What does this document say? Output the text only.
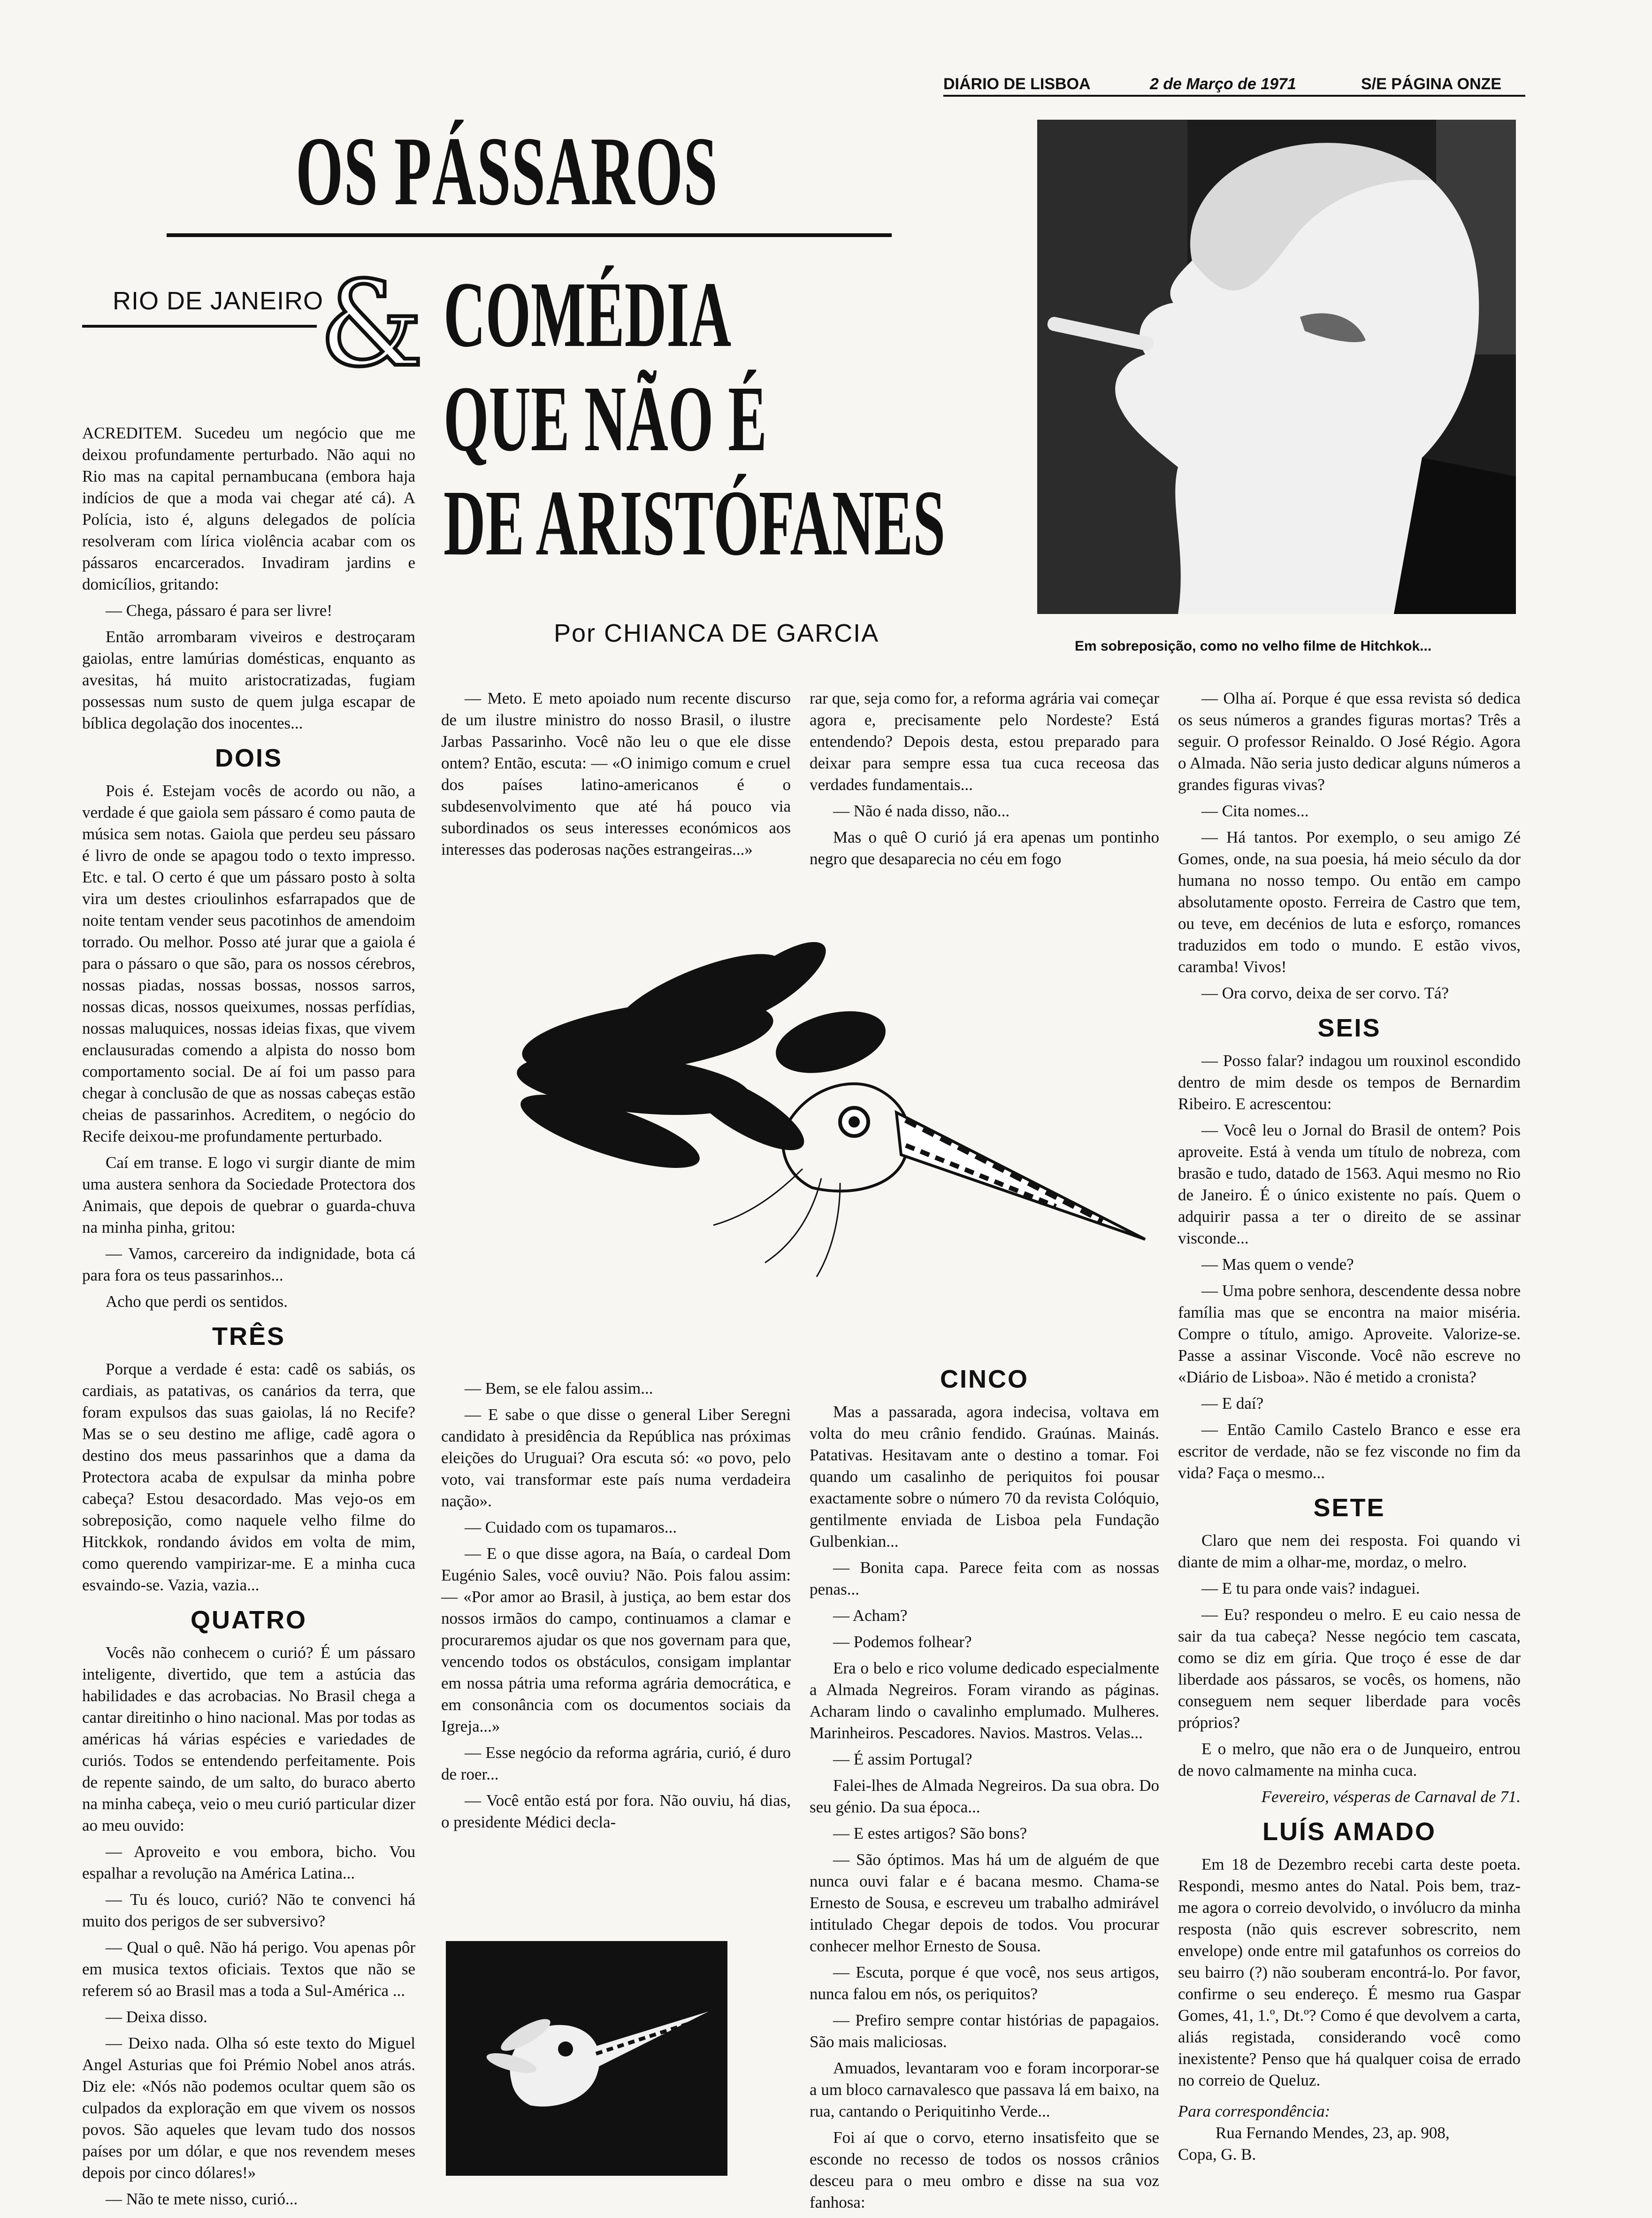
DIÁRIO DE LISBOA	2 de Março de 1971	S/E PÁGINA ONZE
OS PÁSSAROS
RIO DE JANEIRO
& COMÉDIA
QUE NÃO É
DE ARISTÓFANES
Por CHIANCA DE GARCIA	Em sobreposição, como no velho filme de Hitchkok...

ACREDITEM. Sucedeu um negócio que me deixou profundamente perturbado. Não aqui no Rio mas na capital pernambucana (embora haja indícios de que a moda vai chegar até cá). A Polícia, isto é, alguns delegados de polícia resolveram com lírica violência acabar com os pássaros encarcerados. Invadiram jardins e domicílios, gritando:

— Chega, pássaro é para ser livre!

Então arrombaram viveiros e destroçaram gaiolas, entre lamúrias domésticas, enquanto as avesitas, há muito aristocratizadas, fugiam possessas num susto de quem julga escapar de bíblica degolação dos inocentes...

DOIS

Pois é. Estejam vocês de acordo ou não, a verdade é que gaiola sem pássaro é como pauta de música sem notas. Gaiola que perdeu seu pássaro é livro de onde se apagou todo o texto impresso. Etc. e tal. O certo é que um pássaro posto à solta vira um destes crioulinhos esfarrapados que de noite tentam vender seus pacotinhos de amendoim torrado. Ou melhor. Posso até jurar que a gaiola é para o pássaro o que são, para os nossos cérebros, nossas piadas, nossas bossas, nossos sarros, nossas dicas, nossos queixumes, nossas perfídias, nossas maluquices, nossas ideias fixas, que vivem enclausuradas comendo a alpista do nosso bom comportamento social. De aí foi um passo para chegar à conclusão de que as nossas cabeças estão cheias de passarinhos. Acreditem, o negócio do Recife deixou-me profundamente perturbado.

Caí em transe. E logo vi surgir diante de mim uma austera senhora da Sociedade Protectora dos Animais, que depois de quebrar o guarda-chuva na minha pinha, gritou:

— Vamos, carcereiro da indignidade, bota cá para fora os teus passarinhos...

Acho que perdi os sentidos.

TRÊS

Porque a verdade é esta: cadê os sabiás, os cardiais, as patativas, os canários da terra, que foram expulsos das suas gaiolas, lá no Recife? Mas se o seu destino me aflige, cadê agora o destino dos meus passarinhos que a dama da Protectora acaba de expulsar da minha pobre cabeça? Estou desacordado. Mas vejo-os em sobreposição, como naquele velho filme do Hitckkok, rondando ávidos em volta de mim, como querendo vampirizar-me. E a minha cuca esvaindo-se. Vazia, vazia...

QUATRO

Vocês não conhecem o curió? É um pássaro inteligente, divertido, que tem a astúcia das habilidades e das acrobacias. No Brasil chega a cantar direitinho o hino nacional. Mas por todas as américas há várias espécies e variedades de curiós. Todos se entendendo perfeitamente. Pois de repente saindo, de um salto, do buraco aberto na minha cabeça, veio o meu curió particular dizer ao meu ouvido:

— Aproveito e vou embora, bicho. Vou espalhar a revolução na América Latina...

— Tu és louco, curió? Não te convenci há muito dos perigos de ser subversivo?

— Qual o quê. Não há perigo. Vou apenas pôr em musica textos oficiais. Textos que não se referem só ao Brasil mas a toda a Sul-América ...

— Deixa disso.

— Deixo nada. Olha só este texto do Miguel Angel Asturias que foi Prémio Nobel anos atrás. Diz ele: «Nós não podemos ocultar quem são os culpados da exploração em que vivem os nossos povos. São aqueles que levam tudo dos nossos países por um dólar, e que nos revendem meses depois por cinco dólares!»

— Não te mete nisso, curió...

— Meto. E meto apoiado num recente discurso de um ilustre ministro do nosso Brasil, o ilustre Jarbas Passarinho. Você não leu o que ele disse ontem? Então, escuta: — «O inimigo comum e cruel dos países latino-americanos é o subdesenvolvimento que até há pouco via subordinados os seus interesses económicos aos interesses das poderosas nações estrangeiras...»

rar que, seja como for, a reforma agrária vai começar agora e, precisamente pelo Nordeste? Está entendendo? Depois desta, estou preparado para deixar para sempre essa tua cuca receosa das verdades fundamentais...

— Não é nada disso, não...

Mas o quê O curió já era apenas um pontinho negro que desaparecia no céu em fogo

— Bem, se ele falou assim...

— E sabe o que disse o general Liber Seregni candidato à presidência da República nas próximas eleições do Uruguai? Ora escuta só: «o povo, pelo voto, vai transformar este país numa verdadeira nação».

— Cuidado com os tupamaros...

— E o que disse agora, na Baía, o cardeal Dom Eugénio Sales, você ouviu? Não. Pois falou assim: — «Por amor ao Brasil, à justiça, ao bem estar dos nossos irmãos do campo, continuamos a clamar e procuraremos ajudar os que nos governam para que, vencendo todos os obstáculos, consigam implantar em nossa pátria uma reforma agrária democrática, e em consonância com os documentos sociais da Igreja...»

— Esse negócio da reforma agrária, curió, é duro de roer...

— Você então está por fora. Não ouviu, há dias, o presidente Médici decla-

CINCO

Mas a passarada, agora indecisa, voltava em volta do meu crânio fendido. Graúnas. Mainás. Patativas. Hesitavam ante o destino a tomar. Foi quando um casalinho de periquitos foi pousar exactamente sobre o número 70 da revista Colóquio, gentilmente enviada de Lisboa pela Fundação Gulbenkian...

— Bonita capa. Parece feita com as nossas penas...

— Acham?

— Podemos folhear?

Era o belo e rico volume dedicado especialmente a Almada Negreiros. Foram virando as páginas. Acharam lindo o cavalinho emplumado. Mulheres. Marinheiros. Pescadores. Navios. Mastros. Velas...

— É assim Portugal?

Falei-lhes de Almada Negreiros. Da sua obra. Do seu génio. Da sua época...

— E estes artigos? São bons?

— São óptimos. Mas há um de alguém de que nunca ouvi falar e é bacana mesmo. Chama-se Ernesto de Sousa, e escreveu um trabalho admirável intitulado Chegar depois de todos. Vou procurar conhecer melhor Ernesto de Sousa.

— Escuta, porque é que você, nos seus artigos, nunca falou em nós, os periquitos?

— Prefiro sempre contar histórias de papagaios. São mais maliciosas.

Amuados, levantaram voo e foram incorporar-se a um bloco carnavalesco que passava lá em baixo, na rua, cantando o Periquitinho Verde...

Foi aí que o corvo, eterno insatisfeito que se esconde no recesso de todos os nossos crânios desceu para o meu ombro e disse na sua voz fanhosa:

— Olha aí. Porque é que essa revista só dedica os seus números a grandes figuras mortas? Três a seguir. O professor Reinaldo. O José Régio. Agora o Almada. Não seria justo dedicar alguns números a grandes figuras vivas?

— Cita nomes...

— Há tantos. Por exemplo, o seu amigo Zé Gomes, onde, na sua poesia, há meio século da dor humana no nosso tempo. Ou então em campo absolutamente oposto. Ferreira de Castro que tem, ou teve, em decénios de luta e esforço, romances traduzidos em todo o mundo. E estão vivos, caramba! Vivos!

— Ora corvo, deixa de ser corvo. Tá?

SEIS

— Posso falar? indagou um rouxinol escondido dentro de mim desde os tempos de Bernardim Ribeiro. E acrescentou:

— Você leu o Jornal do Brasil de ontem? Pois aproveite. Está à venda um título de nobreza, com brasão e tudo, datado de 1563. Aqui mesmo no Rio de Janeiro. É o único existente no país. Quem o adquirir passa a ter o direito de se assinar visconde...

— Mas quem o vende?

— Uma pobre senhora, descendente dessa nobre família mas que se encontra na maior miséria. Compre o título, amigo. Aproveite. Valorize-se. Passe a assinar Visconde. Você não escreve no «Diário de Lisboa». Não é metido a cronista?

— E daí?

— Então Camilo Castelo Branco e esse era escritor de verdade, não se fez visconde no fim da vida? Faça o mesmo...

SETE

Claro que nem dei resposta. Foi quando vi diante de mim a olhar-me, mordaz, o melro.

— E tu para onde vais? indaguei.

— Eu? respondeu o melro. E eu caio nessa de sair da tua cabeça? Nesse negócio tem cascata, como se diz em gíria. Que troço é esse de dar liberdade aos pássaros, se vocês, os homens, não conseguem nem sequer liberdade para vocês próprios?

E o melro, que não era o de Junqueiro, entrou de novo calmamente na minha cuca.

Fevereiro, vésperas de Carnaval de 71.

LUÍS AMADO

Em 18 de Dezembro recebi carta deste poeta. Respondi, mesmo antes do Natal. Pois bem, traz-me agora o correio devolvido, o invólucro da minha resposta (não quis escrever sobrescrito, nem envelope) onde entre mil gatafunhos os correios do seu bairro (?) não souberam encontrá-lo. Por favor, confirme o seu endereço. É mesmo rua Gaspar Gomes, 41, 1.º, Dt.º? Como é que devolvem a carta, aliás registada, considerando você como inexistente? Penso que há qualquer coisa de errado no correio de Queluz.

Para correspondência:

Rua Fernando Mendes, 23, ap. 908,

Copa, G. B.
